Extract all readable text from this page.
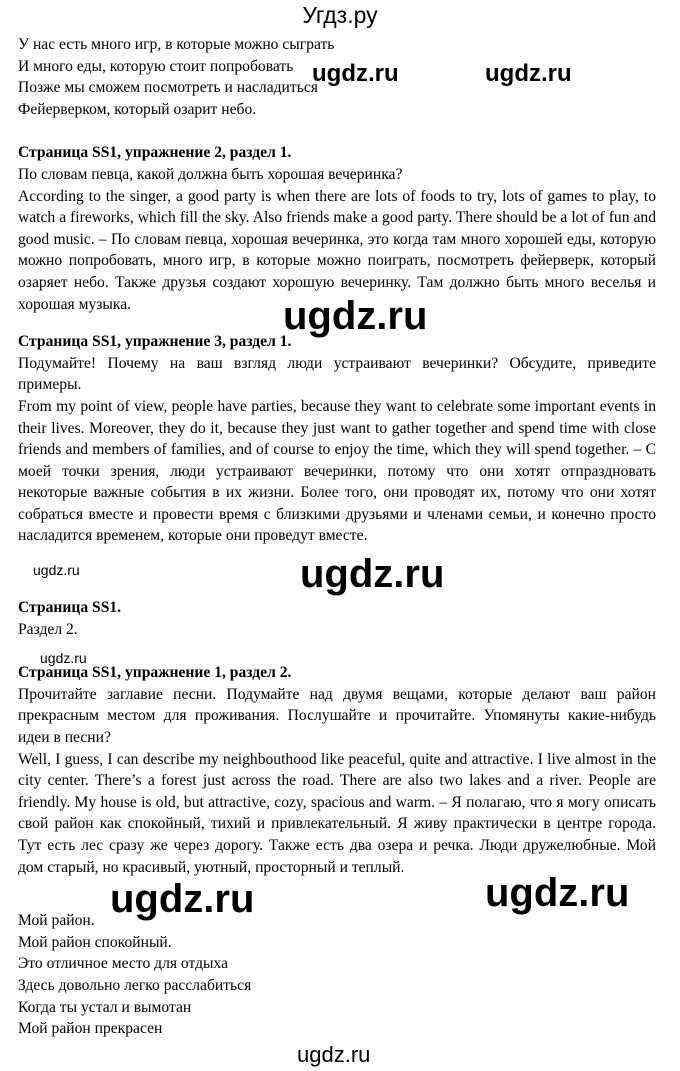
Угдз.ру

У нас есть много игр, в которые можно сыграть

И много еды, которую стоит попробовать

Позже мы сможем посмотреть и насладиться

Фейерверком, который озарит небо.

Страница SS1, упражнение 2, раздел 1.

По словам певца, какой должна быть хорошая вечеринка?

According to the singer, a good party is when there are lots of foods to try, lots of games to play, to watch a fireworks, which fill the sky. Also friends make a good party. There should be a lot of fun and good music. – По словам певца, хорошая вечеринка, это когда там много хорошей еды, которую можно попробовать, много игр, в которые можно поиграть, посмотреть фейерверк, который озаряет небо. Также друзья создают хорошую вечеринку. Там должно быть много веселья и хорошая музыка.

Страница SS1, упражнение 3, раздел 1.

Подумайте! Почему на ваш взгляд люди устраивают вечеринки? Обсудите, приведите примеры.

From my point of view, people have parties, because they want to celebrate some important events in their lives. Moreover, they do it, because they just want to gather together and spend time with close friends and members of families, and of course to enjoy the time, which they will spend together. – С моей точки зрения, люди устраивают вечеринки, потому что они хотят отпраздновать некоторые важные события в их жизни. Более того, они проводят их, потому что они хотят собраться вместе и провести время с близкими друзьями и членами семьи, и конечно просто насладится временем, которые они проведут вместе.

Страница SS1.

Раздел 2.

Страница SS1, упражнение 1, раздел 2.

Прочитайте заглавие песни. Подумайте над двумя вещами, которые делают ваш район прекрасным местом для проживания. Послушайте и прочитайте. Упомянуты какие-нибудь идеи в песни?

Well, I guess, I can describe my neighbouthood like peaceful, quite and attractive. I live almost in the city center. There’s a forest just across the road. There are also two lakes and a river. People are friendly. My house is old, but attractive, cozy, spacious and warm. – Я полагаю, что я могу описать свой район как спокойный, тихий и привлекательный. Я живу практически в центре города. Тут есть лес сразу же через дорогу. Также есть два озера и речка. Люди дружелюбные. Мой дом старый, но красивый, уютный, просторный и теплый.

Мой район.

Мой район спокойный.

Это отличное место для отдыха

Здесь довольно легко расслабиться

Когда ты устал и вымотан

Мой район прекрасен

ugdz.ru	ugdz.ru
ugdz.ru
ugdz.ru	ugdz.ru
ugdz.ru
ugdz.ru	ugdz.ru
ugdz.ru
